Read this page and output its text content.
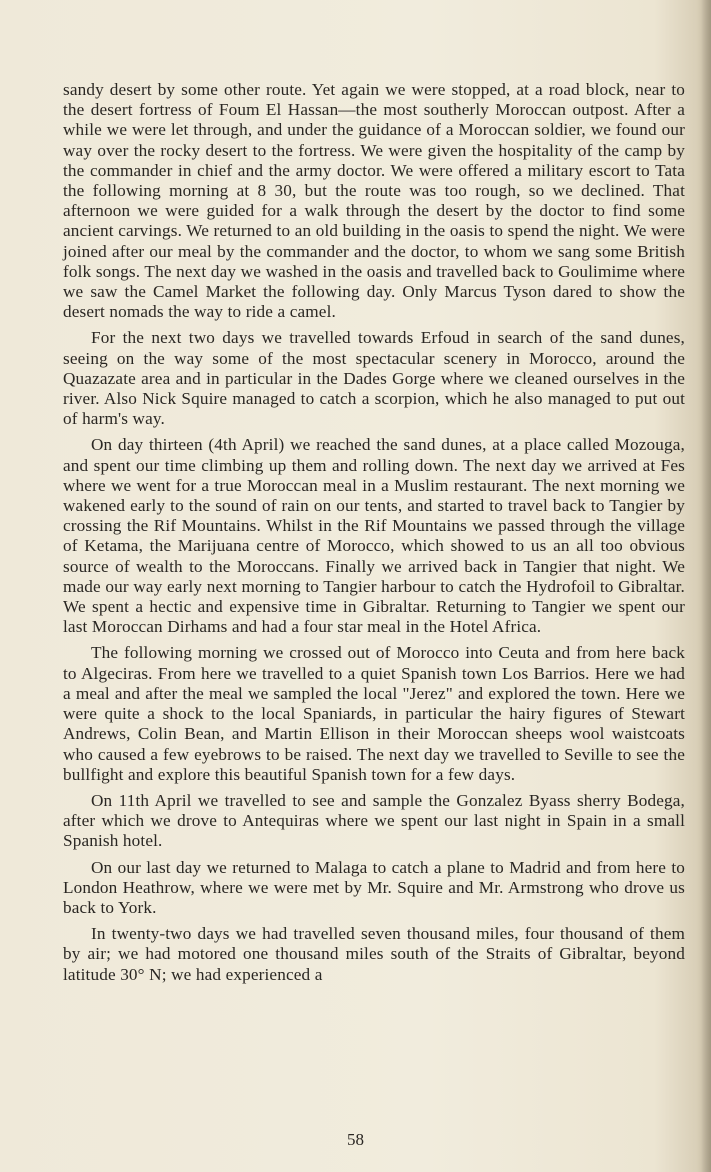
sandy desert by some other route. Yet again we were stopped, at a road block, near to the desert fortress of Foum El Hassan—the most southerly Moroccan outpost. After a while we were let through, and under the guidance of a Moroccan soldier, we found our way over the rocky desert to the fortress. We were given the hospitality of the camp by the commander in chief and the army doctor. We were offered a military escort to Tata the following morning at 8 30, but the route was too rough, so we declined. That afternoon we were guided for a walk through the desert by the doctor to find some ancient carvings. We returned to an old building in the oasis to spend the night. We were joined after our meal by the commander and the doctor, to whom we sang some British folk songs. The next day we washed in the oasis and travelled back to Goulimime where we saw the Camel Market the following day. Only Marcus Tyson dared to show the desert nomads the way to ride a camel.

For the next two days we travelled towards Erfoud in search of the sand dunes, seeing on the way some of the most spectacular scenery in Morocco, around the Quazazate area and in particular in the Dades Gorge where we cleaned ourselves in the river. Also Nick Squire managed to catch a scorpion, which he also managed to put out of harm's way.

On day thirteen (4th April) we reached the sand dunes, at a place called Mozouga, and spent our time climbing up them and rolling down. The next day we arrived at Fes where we went for a true Moroccan meal in a Muslim restaurant. The next morning we wakened early to the sound of rain on our tents, and started to travel back to Tangier by crossing the Rif Mountains. Whilst in the Rif Mountains we passed through the village of Ketama, the Marijuana centre of Morocco, which showed to us an all too obvious source of wealth to the Moroccans. Finally we arrived back in Tangier that night. We made our way early next morning to Tangier harbour to catch the Hydrofoil to Gibraltar. We spent a hectic and expensive time in Gibraltar. Returning to Tangier we spent our last Moroccan Dirhams and had a four star meal in the Hotel Africa.

The following morning we crossed out of Morocco into Ceuta and from here back to Algeciras. From here we travelled to a quiet Spanish town Los Barrios. Here we had a meal and after the meal we sampled the local "Jerez" and explored the town. Here we were quite a shock to the local Spaniards, in particular the hairy figures of Stewart Andrews, Colin Bean, and Martin Ellison in their Moroccan sheeps wool waistcoats who caused a few eyebrows to be raised. The next day we travelled to Seville to see the bullfight and explore this beautiful Spanish town for a few days.

On 11th April we travelled to see and sample the Gonzalez Byass sherry Bodega, after which we drove to Antequiras where we spent our last night in Spain in a small Spanish hotel.

On our last day we returned to Malaga to catch a plane to Madrid and from here to London Heathrow, where we were met by Mr. Squire and Mr. Armstrong who drove us back to York.

In twenty-two days we had travelled seven thousand miles, four thousand of them by air; we had motored one thousand miles south of the Straits of Gibraltar, beyond latitude 30° N; we had experienced a

58
